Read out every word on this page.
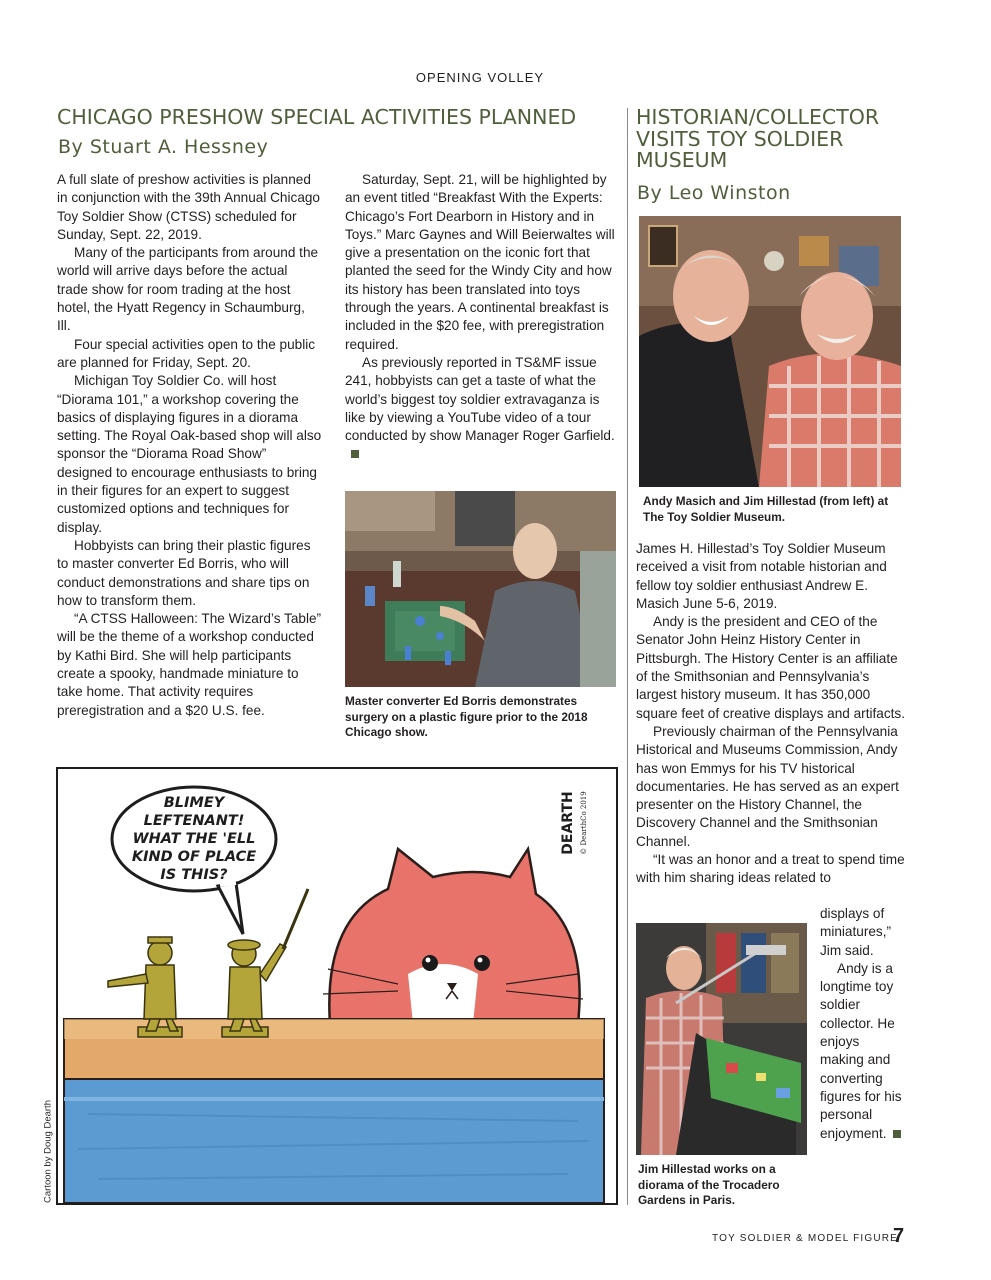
OPENING VOLLEY
CHICAGO PRESHOW SPECIAL ACTIVITIES PLANNED
By Stuart A. Hessney

A full slate of preshow activities is planned in conjunction with the 39th Annual Chicago Toy Soldier Show (CTSS) scheduled for Sunday, Sept. 22, 2019.

Many of the participants from around the world will arrive days before the actual trade show for room trading at the host hotel, the Hyatt Regency in Schaumburg, Ill.

Four special activities open to the public are planned for Friday, Sept. 20.

Michigan Toy Soldier Co. will host “Diorama 101,” a workshop covering the basics of displaying figures in a diorama setting. The Royal Oak-based shop will also sponsor the “Diorama Road Show” designed to encourage enthusiasts to bring in their figures for an expert to suggest customized options and techniques for display.

Hobbyists can bring their plastic figures to master converter Ed Borris, who will conduct demonstrations and share tips on how to transform them.

“A CTSS Halloween: The Wizard’s Table” will be the theme of a workshop conducted by Kathi Bird. She will help participants create a spooky, handmade miniature to take home. That activity requires preregistration and a $20 U.S. fee.

Saturday, Sept. 21, will be highlighted by an event titled “Breakfast With the Experts: Chicago’s Fort Dearborn in History and in Toys.” Marc Gaynes and Will Beierwaltes will give a presentation on the iconic fort that planted the seed for the Windy City and how its history has been translated into toys through the years. A continental breakfast is included in the $20 fee, with preregistration required.

As previously reported in TS&MF issue 241, hobbyists can get a taste of what the world’s biggest toy soldier extravaganza is like by viewing a YouTube video of a tour conducted by show Manager Roger Garfield.

Master converter Ed Borris demonstrates surgery on a plastic figure prior to the 2018 Chicago show.
BLIMEY
LEFTENANT!
WHAT THE 'ELL
KIND OF PLACE
IS THIS?
DEARTH © DearthCo 2019
Cartoon by Doug Dearth
HISTORIAN/COLLECTOR
VISITS TOY SOLDIER
MUSEUM
By Leo Winston
Andy Masich and Jim Hillestad (from left) at The Toy Soldier Museum.

James H. Hillestad’s Toy Soldier Museum received a visit from notable historian and fellow toy soldier enthusiast Andrew E. Masich June 5-6, 2019.

Andy is the president and CEO of the Senator John Heinz History Center in Pittsburgh. The History Center is an affiliate of the Smithsonian and Pennsylvania’s largest history museum. It has 350,000 square feet of creative displays and artifacts.

Previously chairman of the Pennsylvania Historical and Museums Commission, Andy has won Emmys for his TV historical documentaries. He has served as an expert presenter on the History Channel, the Discovery Channel and the Smithsonian Channel.

“It was an honor and a treat to spend time with him sharing ideas related to

displays of miniatures,” Jim said.

Andy is a longtime toy soldier collector. He enjoys making and converting figures for his personal enjoyment.

Jim Hillestad works on a diorama of the Trocadero Gardens in Paris.
TOY SOLDIER & MODEL FIGURE
7
